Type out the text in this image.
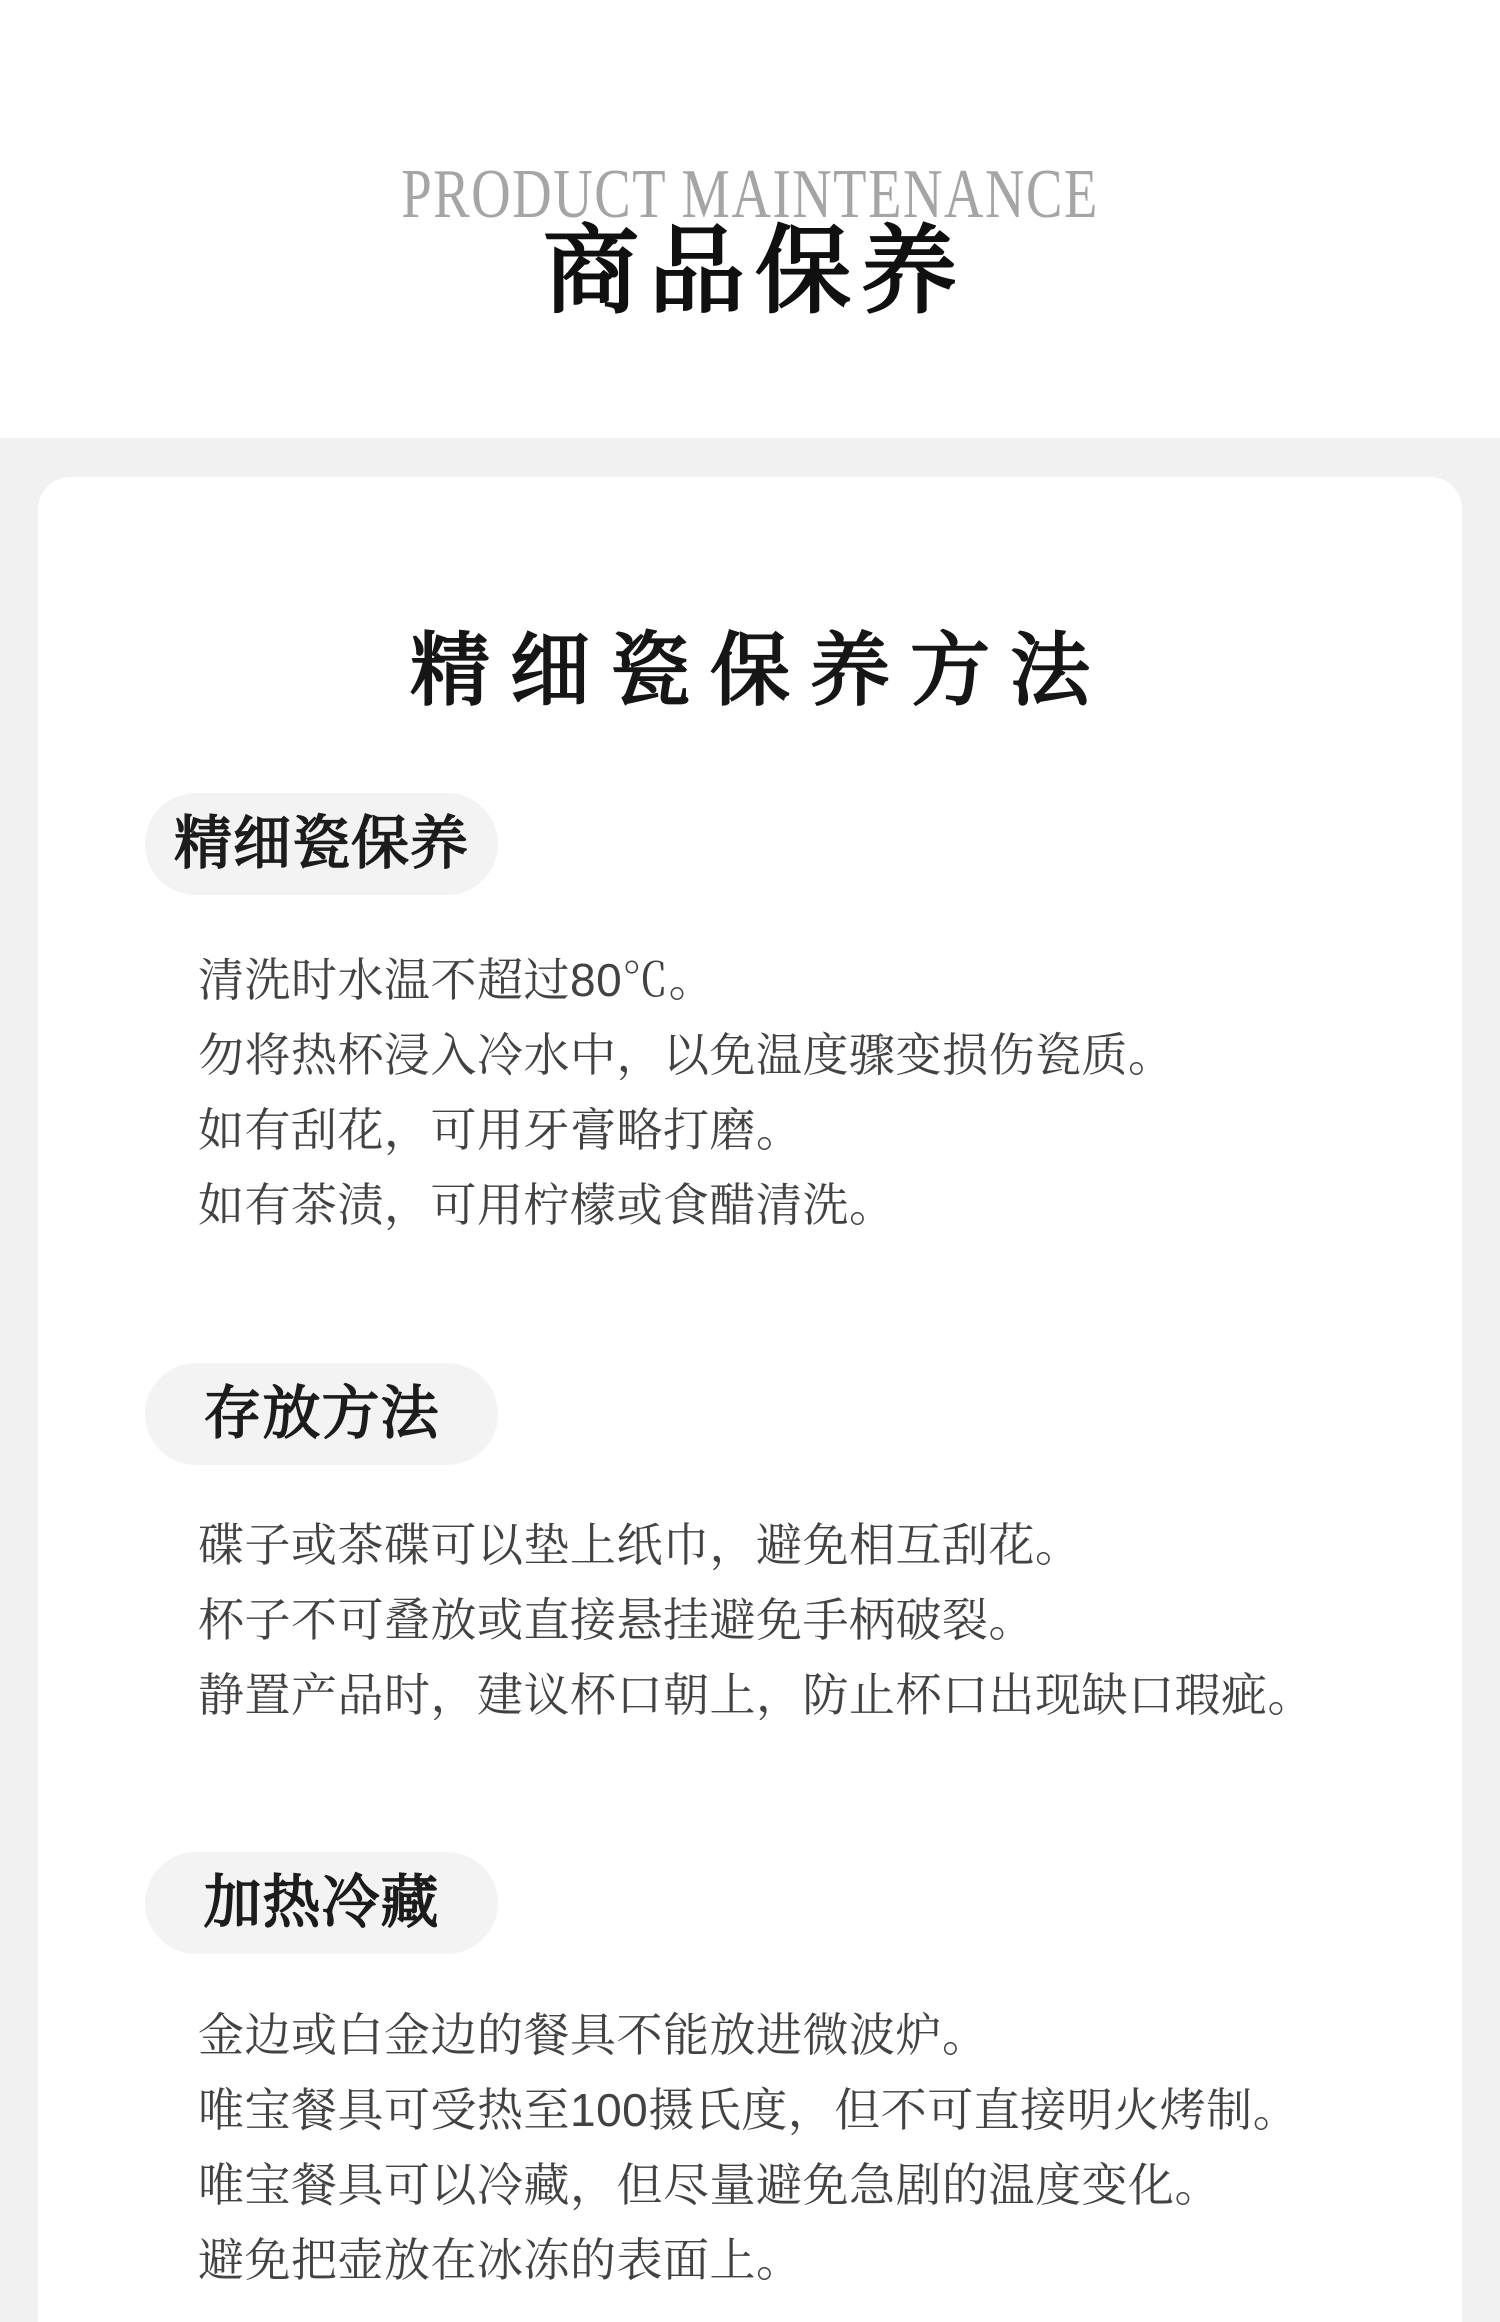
PRODUCT MAINTENANCE
商品保养
精细瓷保养方法
精细瓷保养
清洗时水温不超过80℃。
勿将热杯浸入冷水中，以免温度骤变损伤瓷质。
如有刮花，可用牙膏略打磨。
如有茶渍，可用柠檬或食醋清洗。
存放方法
碟子或茶碟可以垫上纸巾，避免相互刮花。
杯子不可叠放或直接悬挂避免手柄破裂。
静置产品时，建议杯口朝上，防止杯口出现缺口瑕疵。
加热冷藏
金边或白金边的餐具不能放进微波炉。
唯宝餐具可受热至100摄氏度，但不可直接明火烤制。
唯宝餐具可以冷藏，但尽量避免急剧的温度变化。
避免把壶放在冰冻的表面上。
